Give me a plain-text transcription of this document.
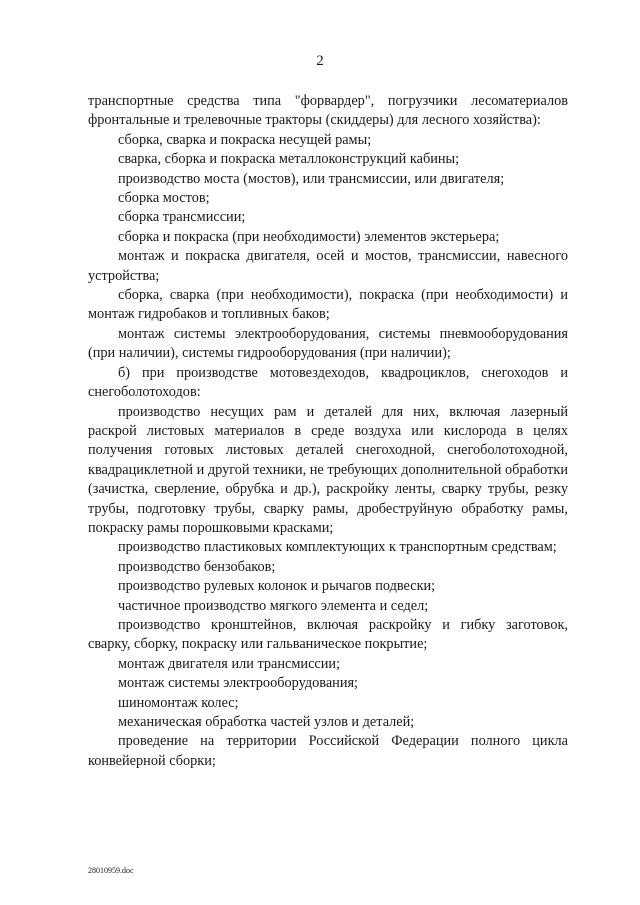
2

транспортные средства типа "форвардер", погрузчики лесоматериалов фронтальные и трелевочные тракторы (скиддеры) для лесного хозяйства):

сборка, сварка и покраска несущей рамы;

сварка, сборка и покраска металлоконструкций кабины;

производство моста (мостов), или трансмиссии, или двигателя;

сборка мостов;

сборка трансмиссии;

сборка и покраска (при необходимости) элементов экстерьера;

монтаж и покраска двигателя, осей и мостов, трансмиссии, навесного устройства;

сборка, сварка (при необходимости), покраска (при необходимости) и монтаж гидробаков и топливных баков;

монтаж системы электрооборудования, системы пневмооборудования (при наличии), системы гидрооборудования (при наличии);

б) при производстве мотовездеходов, квадроциклов, снегоходов и снегоболотоходов:

производство несущих рам и деталей для них, включая лазерный раскрой листовых материалов в среде воздуха или кислорода в целях получения готовых листовых деталей снегоходной, снегоболотоходной, квадрациклетной и другой техники, не требующих дополнительной обработки (зачистка, сверление, обрубка и др.), раскройку ленты, сварку трубы, резку трубы, подготовку трубы, сварку рамы, дробеструйную обработку рамы, покраску рамы порошковыми красками;

производство пластиковых комплектующих к транспортным средствам;

производство бензобаков;

производство рулевых колонок и рычагов подвески;

частичное производство мягкого элемента и седел;

производство кронштейнов, включая раскройку и гибку заготовок, сварку, сборку, покраску или гальваническое покрытие;

монтаж двигателя или трансмиссии;

монтаж системы электрооборудования;

шиномонтаж колес;

механическая обработка частей узлов и деталей;

проведение на территории Российской Федерации полного цикла конвейерной сборки;

28010959.doc
